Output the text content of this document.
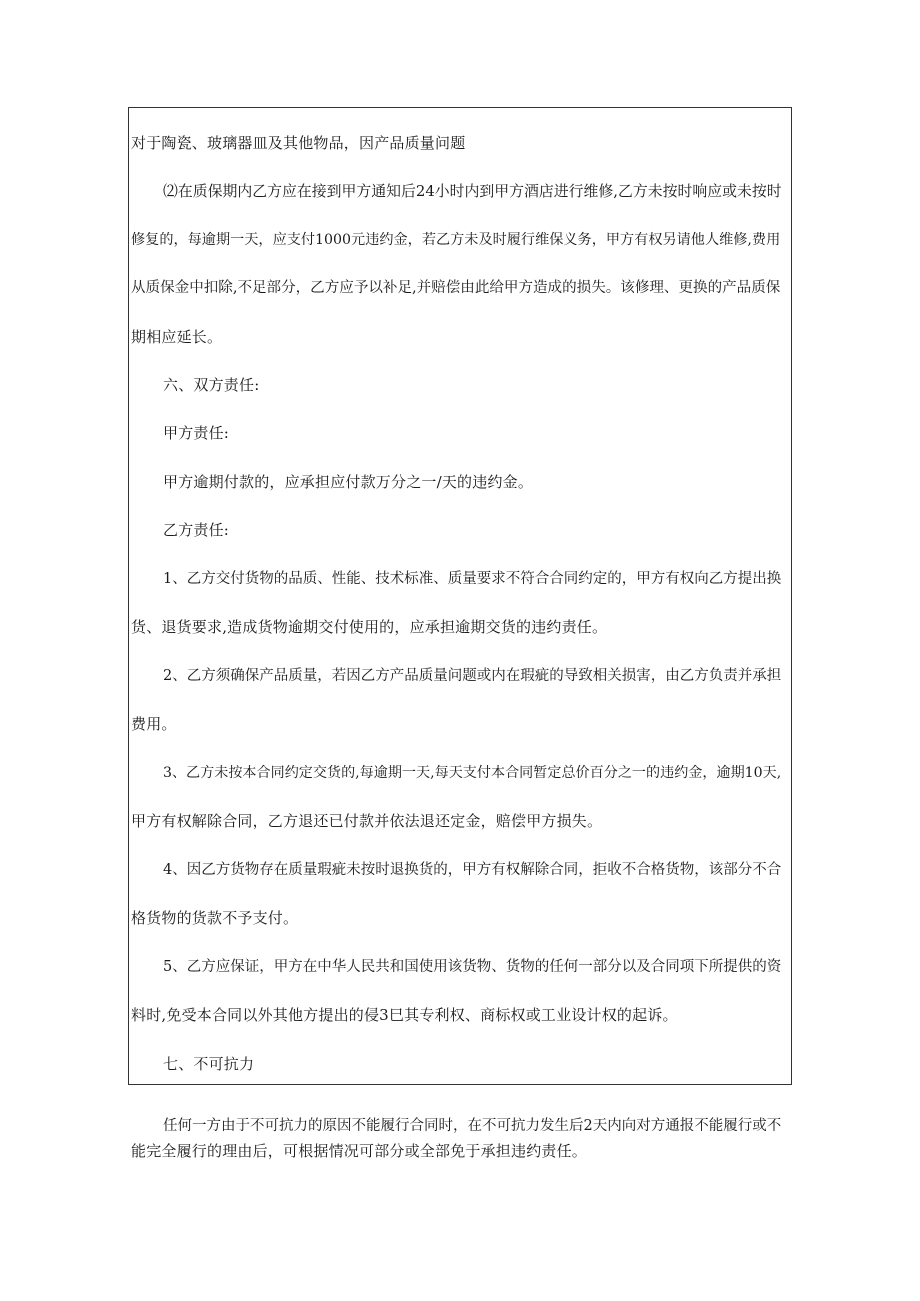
对于陶瓷、玻璃器皿及其他物品，因产品质量问题
⑵在质保期内乙方应在接到甲方通知后24小时内到甲方酒店进行维修,乙方未按时响应或未按时
修复的，每逾期一天，应支付1000元违约金，若乙方未及时履行维保义务，甲方有权另请他人维修,费用
从质保金中扣除,不足部分，乙方应予以补足,并赔偿由此给甲方造成的损失。该修理、更换的产品质保
期相应延长。
六、双方责任:
甲方责任:
甲方逾期付款的，应承担应付款万分之一/天的违约金。
乙方责任:
1、乙方交付货物的品质、性能、技术标准、质量要求不符合合同约定的，甲方有权向乙方提出换
货、退货要求,造成货物逾期交付使用的，应承担逾期交货的违约责任。
2、乙方须确保产品质量，若因乙方产品质量问题或内在瑕疵的导致相关损害，由乙方负责并承担
费用。
3、乙方未按本合同约定交货的,每逾期一天,每天支付本合同暂定总价百分之一的违约金，逾期10天,
甲方有权解除合同，乙方退还已付款并依法退还定金，赔偿甲方损失。
4、因乙方货物存在质量瑕疵未按时退换货的，甲方有权解除合同，拒收不合格货物，该部分不合
格货物的货款不予支付。
5、乙方应保证，甲方在中华人民共和国使用该货物、货物的任何一部分以及合同项下所提供的资
料时,免受本合同以外其他方提出的侵3巳其专利权、商标权或工业设计权的起诉。
七、不可抗力
任何一方由于不可抗力的原因不能履行合同时，在不可抗力发生后2天内向对方通报不能履行或不
能完全履行的理由后，可根据情况可部分或全部免于承担违约责任。
